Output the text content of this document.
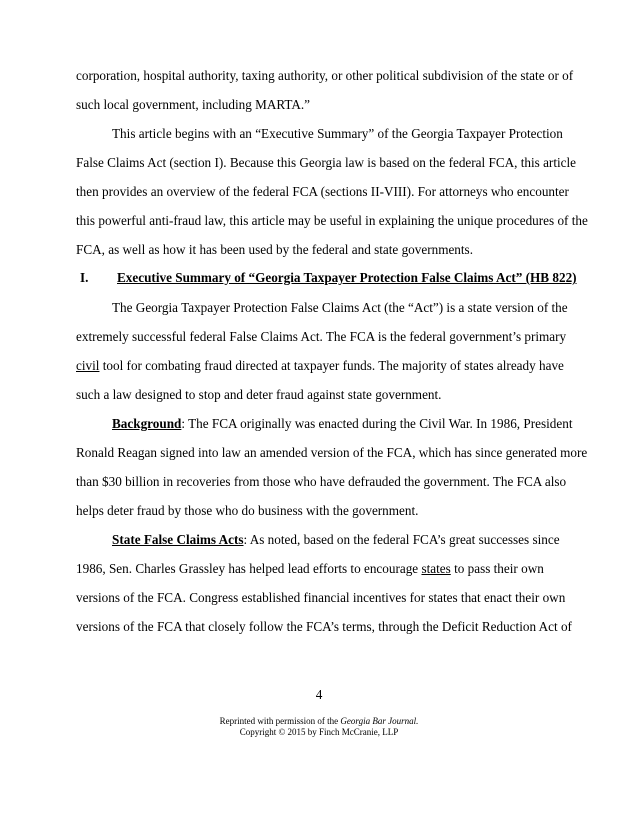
corporation, hospital authority, taxing authority, or other political subdivision of the state or of
such local government, including MARTA.”
This article begins with an “Executive Summary” of the Georgia Taxpayer Protection
False Claims Act (section I). Because this Georgia law is based on the federal FCA, this article
then provides an overview of the federal FCA (sections II-VIII). For attorneys who encounter
this powerful anti-fraud law, this article may be useful in explaining the unique procedures of the
FCA, as well as how it has been used by the federal and state governments.
I. Executive Summary of “Georgia Taxpayer Protection False Claims Act” (HB 822)
The Georgia Taxpayer Protection False Claims Act (the “Act”) is a state version of the
extremely successful federal False Claims Act. The FCA is the federal government’s primary
civil tool for combating fraud directed at taxpayer funds. The majority of states already have
such a law designed to stop and deter fraud against state government.
Background: The FCA originally was enacted during the Civil War. In 1986, President
Ronald Reagan signed into law an amended version of the FCA, which has since generated more
than $30 billion in recoveries from those who have defrauded the government. The FCA also
helps deter fraud by those who do business with the government.
State False Claims Acts: As noted, based on the federal FCA’s great successes since
1986, Sen. Charles Grassley has helped lead efforts to encourage states to pass their own
versions of the FCA. Congress established financial incentives for states that enact their own
versions of the FCA that closely follow the FCA’s terms, through the Deficit Reduction Act of
4
Reprinted with permission of the Georgia Bar Journal.
Copyright © 2015 by Finch McCranie, LLP
